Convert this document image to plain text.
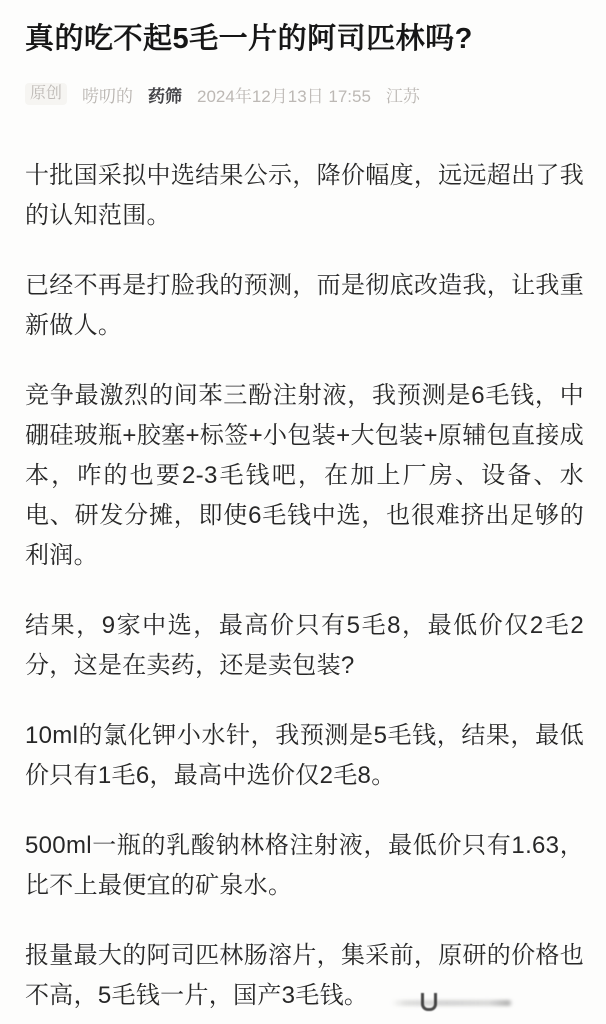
真的吃不起5毛一片的阿司匹林吗?
原创 唠叨的 药筛 2024年12月13日 17:55 江苏

十批国采拟中选结果公示，降价幅度，远远超出了我的认知范围。

已经不再是打脸我的预测，而是彻底改造我，让我重新做人。

竞争最激烈的间苯三酚注射液，我预测是6毛钱，中硼硅玻瓶+胶塞+标签+小包装+大包装+原辅包直接成本，咋的也要2-3毛钱吧，在加上厂房、设备、水电、研发分摊，即使6毛钱中选，也很难挤出足够的利润。

结果，9家中选，最高价只有5毛8，最低价仅2毛2分，这是在卖药，还是卖包装?

10ml的氯化钾小水针，我预测是5毛钱，结果，最低价只有1毛6，最高中选价仅2毛8。

500ml一瓶的乳酸钠林格注射液，最低价只有1.63，比不上最便宜的矿泉水。

报量最大的阿司匹林肠溶片，集采前，原研的价格也不高，5毛钱一片，国产3毛钱。
